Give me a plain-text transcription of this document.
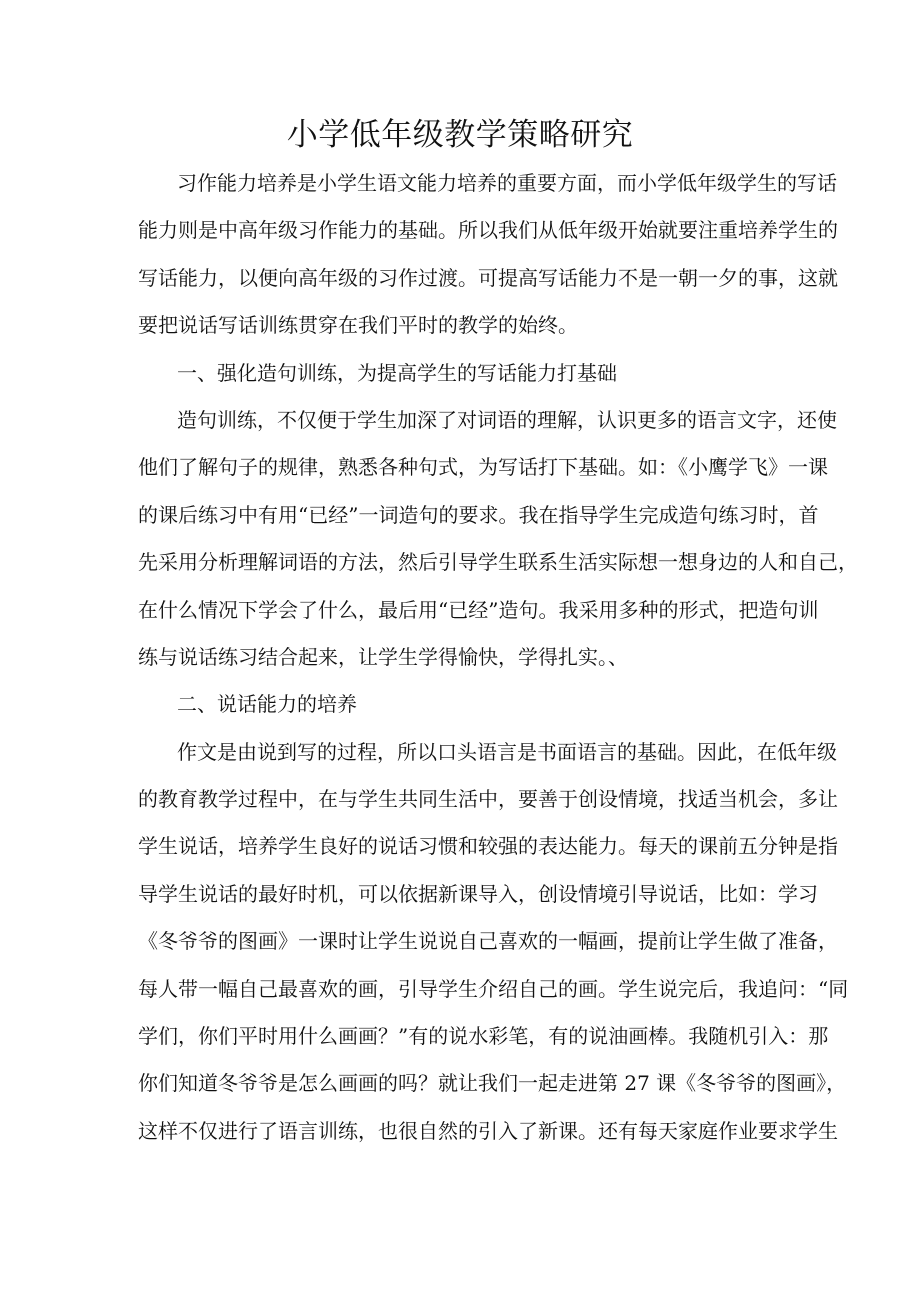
小学低年级教学策略研究
习作能力培养是小学生语文能力培养的重要方面，而小学低年级学生的写话
能力则是中高年级习作能力的基础。所以我们从低年级开始就要注重培养学生的
写话能力，以便向高年级的习作过渡。可提高写话能力不是一朝一夕的事，这就
要把说话写话训练贯穿在我们平时的教学的始终。
一、强化造句训练，为提高学生的写话能力打基础
造句训练，不仅便于学生加深了对词语的理解，认识更多的语言文字，还使
他们了解句子的规律，熟悉各种句式，为写话打下基础。如：《小鹰学飞》一课
的课后练习中有用“已经”一词造句的要求。我在指导学生完成造句练习时，首
先采用分析理解词语的方法，然后引导学生联系生活实际想一想身边的人和自己，
在什么情况下学会了什么，最后用“已经”造句。我采用多种的形式，把造句训
练与说话练习结合起来，让学生学得愉快，学得扎实。、
二、说话能力的培养
作文是由说到写的过程，所以口头语言是书面语言的基础。因此，在低年级
的教育教学过程中，在与学生共同生活中，要善于创设情境，找适当机会，多让
学生说话，培养学生良好的说话习惯和较强的表达能力。每天的课前五分钟是指
导学生说话的最好时机，可以依据新课导入，创设情境引导说话，比如：学习
《冬爷爷的图画》一课时让学生说说自己喜欢的一幅画，提前让学生做了准备，
每人带一幅自己最喜欢的画，引导学生介绍自己的画。学生说完后，我追问：“同
学们，你们平时用什么画画？”有的说水彩笔，有的说油画棒。我随机引入：那
你们知道冬爷爷是怎么画画的吗？就让我们一起走进第 27 课《冬爷爷的图画》，
这样不仅进行了语言训练，也很自然的引入了新课。还有每天家庭作业要求学生
